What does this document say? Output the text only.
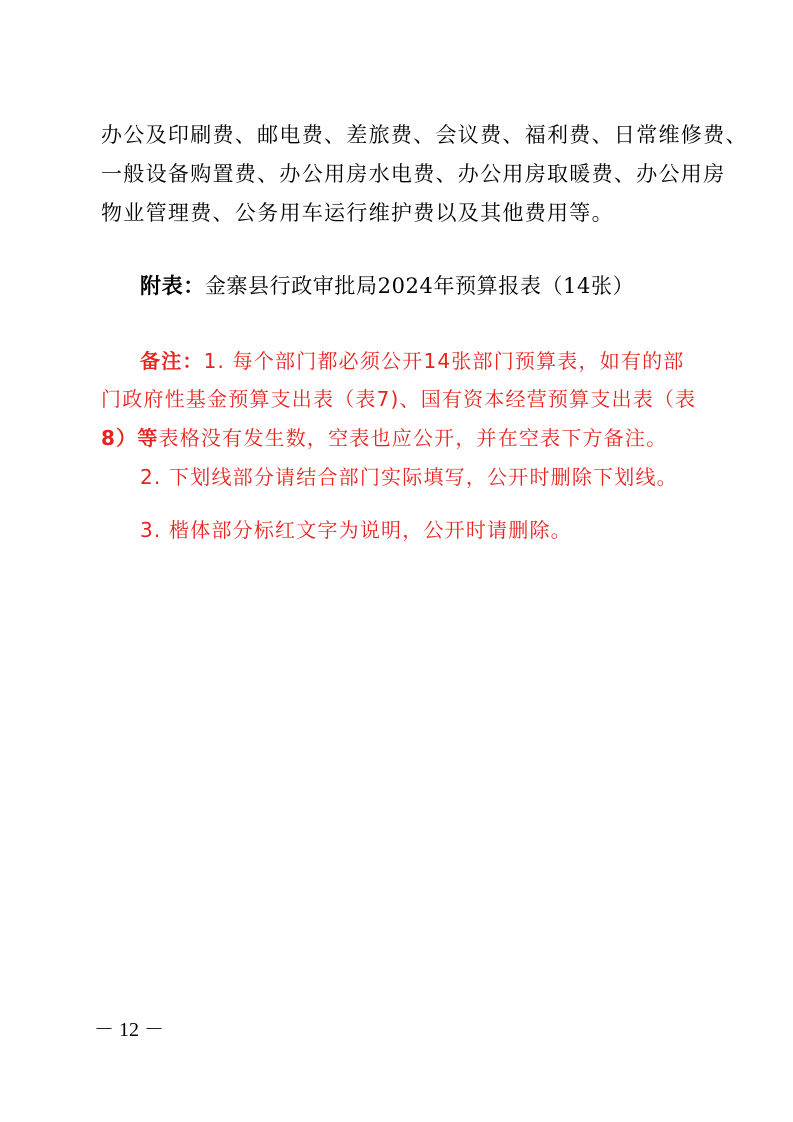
办公及印刷费、邮电费、差旅费、会议费、福利费、日常维修费、
一般设备购置费、办公用房水电费、办公用房取暖费、办公用房
物业管理费、公务用车运行维护费以及其他费用等。
附表：金寨县行政审批局2024年预算报表（14张）
备注：1. 每个部门都必须公开14张部门预算表，如有的部
门政府性基金预算支出表（表7)、国有资本经营预算支出表（表
8）等表格没有发生数，空表也应公开，并在空表下方备注。
2. 下划线部分请结合部门实际填写，公开时删除下划线。
3. 楷体部分标红文字为说明，公开时请删除。
－ 12 －
